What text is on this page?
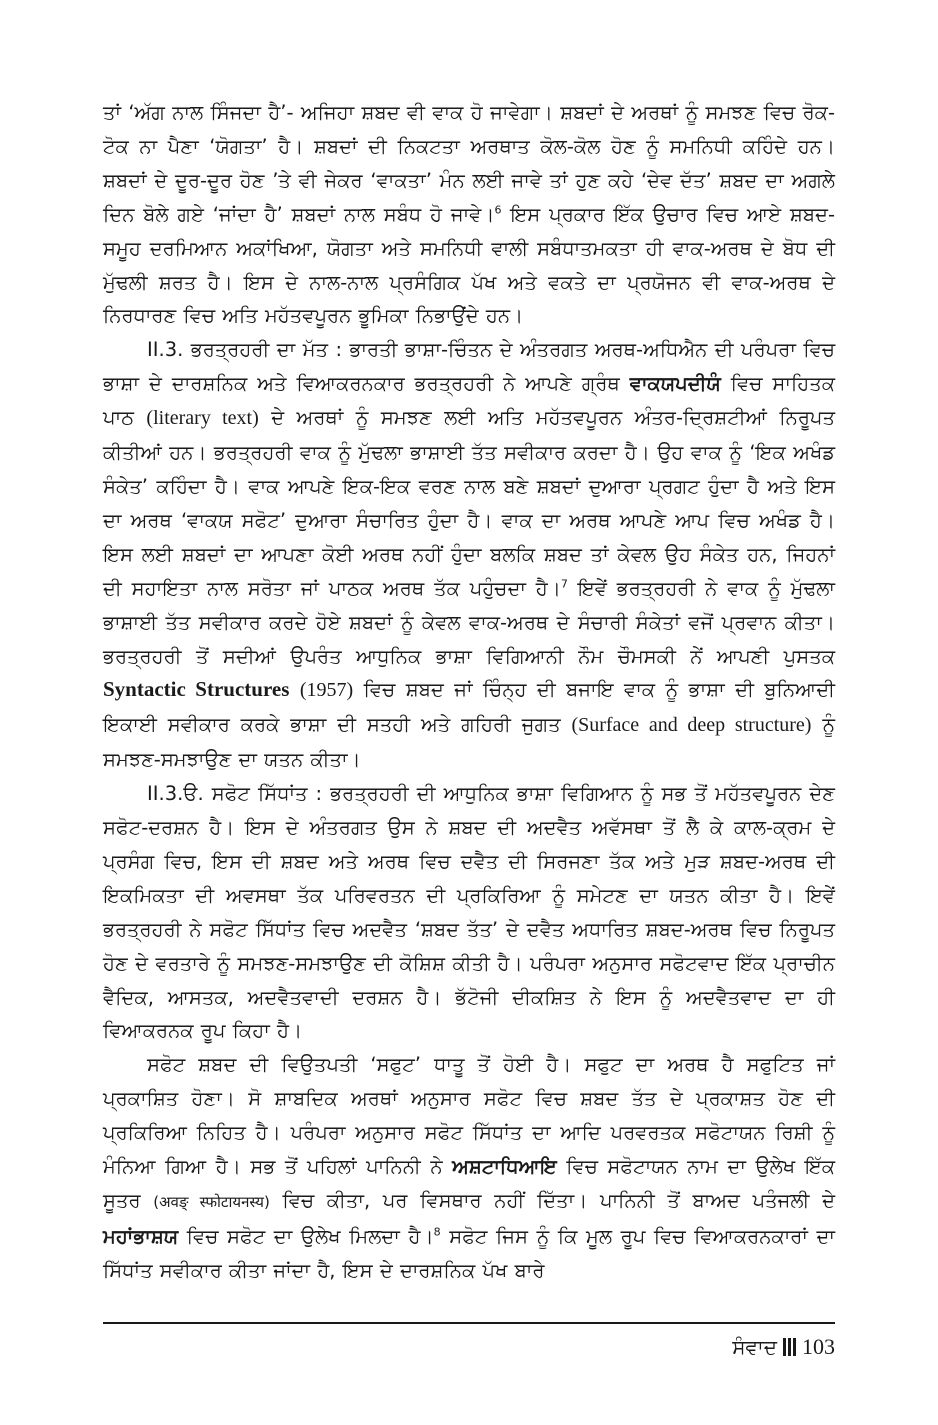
ਤਾਂ ‘ਅੱਗ ਨਾਲ ਸਿੰਜਦਾ ਹੈ’- ਅਜਿਹਾ ਸ਼ਬਦ ਵੀ ਵਾਕ ਹੋ ਜਾਵੇਗਾ। ਸ਼ਬਦਾਂ ਦੇ ਅਰਥਾਂ ਨੂੰ ਸਮਝਣ ਵਿਚ ਰੋਕ-ਟੋਕ ਨਾ ਪੈਣਾ ‘ਯੋਗਤਾ’ ਹੈ। ਸ਼ਬਦਾਂ ਦੀ ਨਿਕਟਤਾ ਅਰਥਾਤ ਕੋਲ-ਕੋਲ ਹੋਣ ਨੂੰ ਸਮਨਿਧੀ ਕਹਿੰਦੇ ਹਨ। ਸ਼ਬਦਾਂ ਦੇ ਦੂਰ-ਦੂਰ ਹੋਣ ’ਤੇ ਵੀ ਜੇਕਰ ‘ਵਾਕਤਾ’ ਮੰਨ ਲਈ ਜਾਵੇ ਤਾਂ ਹੁਣ ਕਹੇ ‘ਦੇਵ ਦੱਤ’ ਸ਼ਬਦ ਦਾ ਅਗਲੇ ਦਿਨ ਬੋਲੇ ਗਏ ‘ਜਾਂਦਾ ਹੈ’ ਸ਼ਬਦਾਂ ਨਾਲ ਸਬੰਧ ਹੋ ਜਾਵੇ।$^6$ ਇਸ ਪ੍ਰਕਾਰ ਇੱਕ ਉਚਾਰ ਵਿਚ ਆਏ ਸ਼ਬਦ-ਸਮੂਹ ਦਰਮਿਆਨ ਅਕਾਂਖਿਆ, ਯੋਗਤਾ ਅਤੇ ਸਮਨਿਧੀ ਵਾਲੀ ਸਬੰਧਾਤਮਕਤਾ ਹੀ ਵਾਕ-ਅਰਥ ਦੇ ਬੋਧ ਦੀ ਮੁੱਢਲੀ ਸ਼ਰਤ ਹੈ। ਇਸ ਦੇ ਨਾਲ-ਨਾਲ ਪ੍ਰਸੰਗਿਕ ਪੱਖ ਅਤੇ ਵਕਤੇ ਦਾ ਪ੍ਰਯੋਜਨ ਵੀ ਵਾਕ-ਅਰਥ ਦੇ ਨਿਰਧਾਰਣ ਵਿਚ ਅਤਿ ਮਹੱਤਵਪੂਰਨ ਭੂਮਿਕਾ ਨਿਭਾਉਂਦੇ ਹਨ।

II.3. ਭਰਤ੍ਰਹਰੀ ਦਾ ਮੱਤ : ਭਾਰਤੀ ਭਾਸ਼ਾ-ਚਿੰਤਨ ਦੇ ਅੰਤਰਗਤ ਅਰਥ-ਅਧਿਐਨ ਦੀ ਪਰੰਪਰਾ ਵਿਚ ਭਾਸ਼ਾ ਦੇ ਦਾਰਸ਼ਨਿਕ ਅਤੇ ਵਿਆਕਰਨਕਾਰ ਭਰਤ੍ਰਹਰੀ ਨੇ ਆਪਣੇ ਗ੍ਰੰਥ ਵਾਕਯਪਦੀਯੰ ਵਿਚ ਸਾਹਿਤਕ ਪਾਠ (literary text) ਦੇ ਅਰਥਾਂ ਨੂੰ ਸਮਝਣ ਲਈ ਅਤਿ ਮਹੱਤਵਪੂਰਨ ਅੰਤਰ-ਦ੍ਰਿਸ਼ਟੀਆਂ ਨਿਰੂਪਤ ਕੀਤੀਆਂ ਹਨ। ਭਰਤ੍ਰਹਰੀ ਵਾਕ ਨੂੰ ਮੁੱਢਲਾ ਭਾਸ਼ਾਈ ਤੱਤ ਸਵੀਕਾਰ ਕਰਦਾ ਹੈ। ਉਹ ਵਾਕ ਨੂੰ ‘ਇਕ ਅਖੰਡ ਸੰਕੇਤ’ ਕਹਿੰਦਾ ਹੈ। ਵਾਕ ਆਪਣੇ ਇਕ-ਇਕ ਵਰਣ ਨਾਲ ਬਣੇ ਸ਼ਬਦਾਂ ਦੁਆਰਾ ਪ੍ਰਗਟ ਹੁੰਦਾ ਹੈ ਅਤੇ ਇਸ ਦਾ ਅਰਥ ‘ਵਾਕਯ ਸਫੋਟ’ ਦੁਆਰਾ ਸੰਚਾਰਿਤ ਹੁੰਦਾ ਹੈ। ਵਾਕ ਦਾ ਅਰਥ ਆਪਣੇ ਆਪ ਵਿਚ ਅਖੰਡ ਹੈ। ਇਸ ਲਈ ਸ਼ਬਦਾਂ ਦਾ ਆਪਣਾ ਕੋਈ ਅਰਥ ਨਹੀਂ ਹੁੰਦਾ ਬਲਕਿ ਸ਼ਬਦ ਤਾਂ ਕੇਵਲ ਉਹ ਸੰਕੇਤ ਹਨ, ਜਿਹਨਾਂ ਦੀ ਸਹਾਇਤਾ ਨਾਲ ਸਰੋਤਾ ਜਾਂ ਪਾਠਕ ਅਰਥ ਤੱਕ ਪਹੁੰਚਦਾ ਹੈ।$^7$ ਇਵੇਂ ਭਰਤ੍ਰਹਰੀ ਨੇ ਵਾਕ ਨੂੰ ਮੁੱਢਲਾ ਭਾਸ਼ਾਈ ਤੱਤ ਸਵੀਕਾਰ ਕਰਦੇ ਹੋਏ ਸ਼ਬਦਾਂ ਨੂੰ ਕੇਵਲ ਵਾਕ-ਅਰਥ ਦੇ ਸੰਚਾਰੀ ਸੰਕੇਤਾਂ ਵਜੋਂ ਪ੍ਰਵਾਨ ਕੀਤਾ। ਭਰਤ੍ਰਹਰੀ ਤੋਂ ਸਦੀਆਂ ਉਪਰੰਤ ਆਧੁਨਿਕ ਭਾਸ਼ਾ ਵਿਗਿਆਨੀ ਨੌਮ ਚੌਮਸਕੀ ਨੇਂ ਆਪਣੀ ਪੁਸਤਕ Syntactic Structures (1957) ਵਿਚ ਸ਼ਬਦ ਜਾਂ ਚਿੰਨ੍ਹ ਦੀ ਬਜਾਇ ਵਾਕ ਨੂੰ ਭਾਸ਼ਾ ਦੀ ਬੁਨਿਆਦੀ ਇਕਾਈ ਸਵੀਕਾਰ ਕਰਕੇ ਭਾਸ਼ਾ ਦੀ ਸਤਹੀ ਅਤੇ ਗਹਿਰੀ ਜੁਗਤ (Surface and deep structure) ਨੂੰ ਸਮਝਣ-ਸਮਝਾਉਣ ਦਾ ਯਤਨ ਕੀਤਾ।

II.3.ੳ. ਸਫੋਟ ਸਿੱਧਾਂਤ : ਭਰਤ੍ਰਹਰੀ ਦੀ ਆਧੁਨਿਕ ਭਾਸ਼ਾ ਵਿਗਿਆਨ ਨੂੰ ਸਭ ਤੋਂ ਮਹੱਤਵਪੂਰਨ ਦੇਣ ਸਫੋਟ-ਦਰਸ਼ਨ ਹੈ। ਇਸ ਦੇ ਅੰਤਰਗਤ ਉਸ ਨੇ ਸ਼ਬਦ ਦੀ ਅਦਵੈਤ ਅਵੱਸਥਾ ਤੋਂ ਲੈ ਕੇ ਕਾਲ-ਕ੍ਰਮ ਦੇ ਪ੍ਰਸੰਗ ਵਿਚ, ਇਸ ਦੀ ਸ਼ਬਦ ਅਤੇ ਅਰਥ ਵਿਚ ਦਵੈਤ ਦੀ ਸਿਰਜਣਾ ਤੱਕ ਅਤੇ ਮੁੜ ਸ਼ਬਦ-ਅਰਥ ਦੀ ਇਕਮਿਕਤਾ ਦੀ ਅਵਸਥਾ ਤੱਕ ਪਰਿਵਰਤਨ ਦੀ ਪ੍ਰਕਿਰਿਆ ਨੂੰ ਸਮੇਟਣ ਦਾ ਯਤਨ ਕੀਤਾ ਹੈ। ਇਵੇਂ ਭਰਤ੍ਰਹਰੀ ਨੇ ਸਫੋਟ ਸਿੱਧਾਂਤ ਵਿਚ ਅਦਵੈਤ ‘ਸ਼ਬਦ ਤੱਤ’ ਦੇ ਦਵੈਤ ਅਧਾਰਿਤ ਸ਼ਬਦ-ਅਰਥ ਵਿਚ ਨਿਰੂਪਤ ਹੋਣ ਦੇ ਵਰਤਾਰੇ ਨੂੰ ਸਮਝਣ-ਸਮਝਾਉਣ ਦੀ ਕੋਸ਼ਿਸ਼ ਕੀਤੀ ਹੈ। ਪਰੰਪਰਾ ਅਨੁਸਾਰ ਸਫੋਟਵਾਦ ਇੱਕ ਪ੍ਰਾਚੀਨ ਵੈਦਿਕ, ਆਸਤਕ, ਅਦਵੈਤਵਾਦੀ ਦਰਸ਼ਨ ਹੈ। ਭੱਟੋਜੀ ਦੀਕਸ਼ਿਤ ਨੇ ਇਸ ਨੂੰ ਅਦਵੈਤਵਾਦ ਦਾ ਹੀ ਵਿਆਕਰਨਕ ਰੂਪ ਕਿਹਾ ਹੈ।

ਸਫੋਟ ਸ਼ਬਦ ਦੀ ਵਿਉਤਪਤੀ ‘ਸਫੁਟ’ ਧਾਤੂ ਤੋਂ ਹੋਈ ਹੈ। ਸਫੁਟ ਦਾ ਅਰਥ ਹੈ ਸਫੁਟਿਤ ਜਾਂ ਪ੍ਰਕਾਸ਼ਿਤ ਹੋਣਾ। ਸੋ ਸ਼ਾਬਦਿਕ ਅਰਥਾਂ ਅਨੁਸਾਰ ਸਫੋਟ ਵਿਚ ਸ਼ਬਦ ਤੱਤ ਦੇ ਪ੍ਰਕਾਸ਼ਤ ਹੋਣ ਦੀ ਪ੍ਰਕਿਰਿਆ ਨਿਹਿਤ ਹੈ। ਪਰੰਪਰਾ ਅਨੁਸਾਰ ਸਫੋਟ ਸਿੱਧਾਂਤ ਦਾ ਆਦਿ ਪਰਵਰਤਕ ਸਫੋਟਾਯਨ ਰਿਸ਼ੀ ਨੂੰ ਮੰਨਿਆ ਗਿਆ ਹੈ। ਸਭ ਤੋਂ ਪਹਿਲਾਂ ਪਾਨਿਨੀ ਨੇ ਅਸ਼ਟਾਧਿਆਇ ਵਿਚ ਸਫੋਟਾਯਨ ਨਾਮ ਦਾ ਉਲੇਖ ਇੱਕ ਸੂਤਰ (अवङ् स्फोटायनस्य) ਵਿਚ ਕੀਤਾ, ਪਰ ਵਿਸਥਾਰ ਨਹੀਂ ਦਿੱਤਾ। ਪਾਨਿਨੀ ਤੋਂ ਬਾਅਦ ਪਤੰਜਲੀ ਦੇ ਮਹਾਂਭਾਸ਼ਯ ਵਿਚ ਸਫੋਟ ਦਾ ਉਲੇਖ ਮਿਲਦਾ ਹੈ।$^8$ ਸਫੋਟ ਜਿਸ ਨੂੰ ਕਿ ਮੂਲ ਰੂਪ ਵਿਚ ਵਿਆਕਰਨਕਾਰਾਂ ਦਾ ਸਿੱਧਾਂਤ ਸਵੀਕਾਰ ਕੀਤਾ ਜਾਂਦਾ ਹੈ, ਇਸ ਦੇ ਦਾਰਸ਼ਨਿਕ ਪੱਖ ਬਾਰੇ

ਸੰਵਾਦ 103
